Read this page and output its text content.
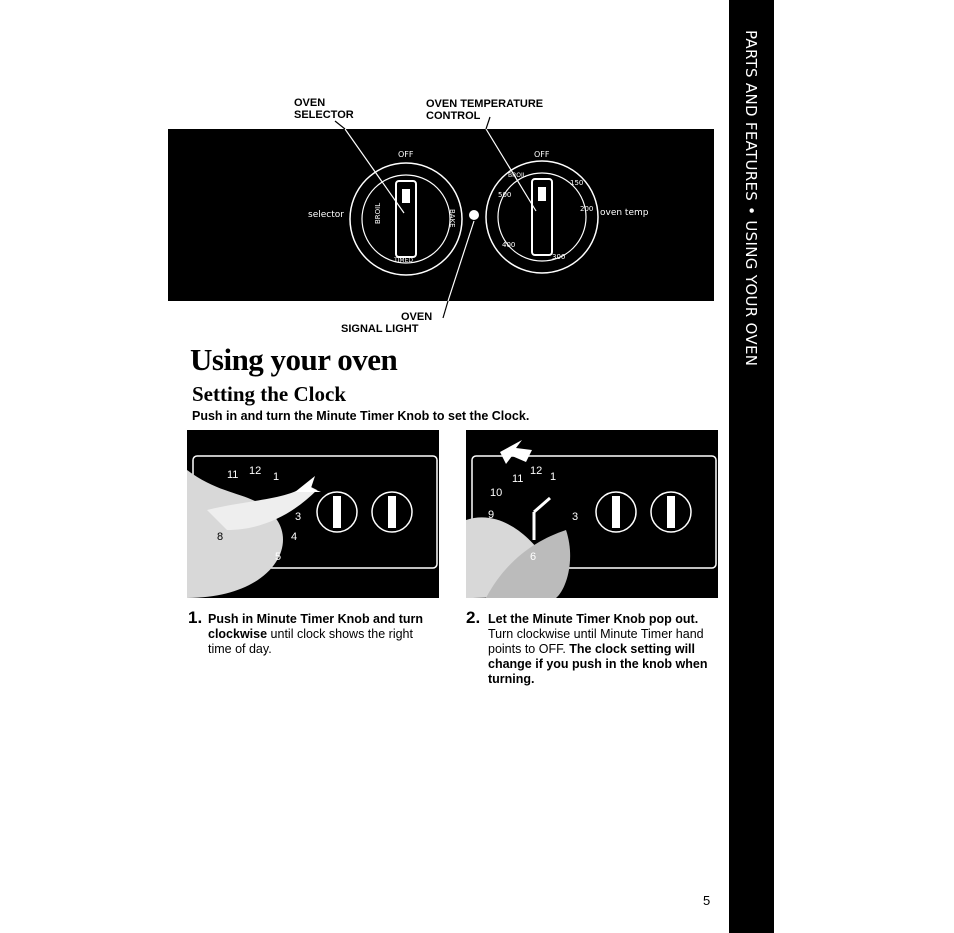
PARTS AND FEATURES • USING YOUR OVEN
OVEN
SELECTOR
OVEN TEMPERATURE
CONTROL
BROIL	BAKE
TIMED
selector
OFF
BROIL
500
150
200
400
300
OFF
oven temp
OVEN
SIGNAL LIGHT
Using your oven
Setting the Clock
Push in and turn the Minute Timer Knob to set the Clock.
11 12 1
3
4
5
8
11
12 1
10
9	3
6
Push in Minute Timer Knob and turn clockwise until clock shows the right time of day.
1.	Let the Minute Timer Knob pop out. Turn clockwise until Minute Timer hand points to OFF. The clock setting will change if you push in the knob when turning.
2.
5
